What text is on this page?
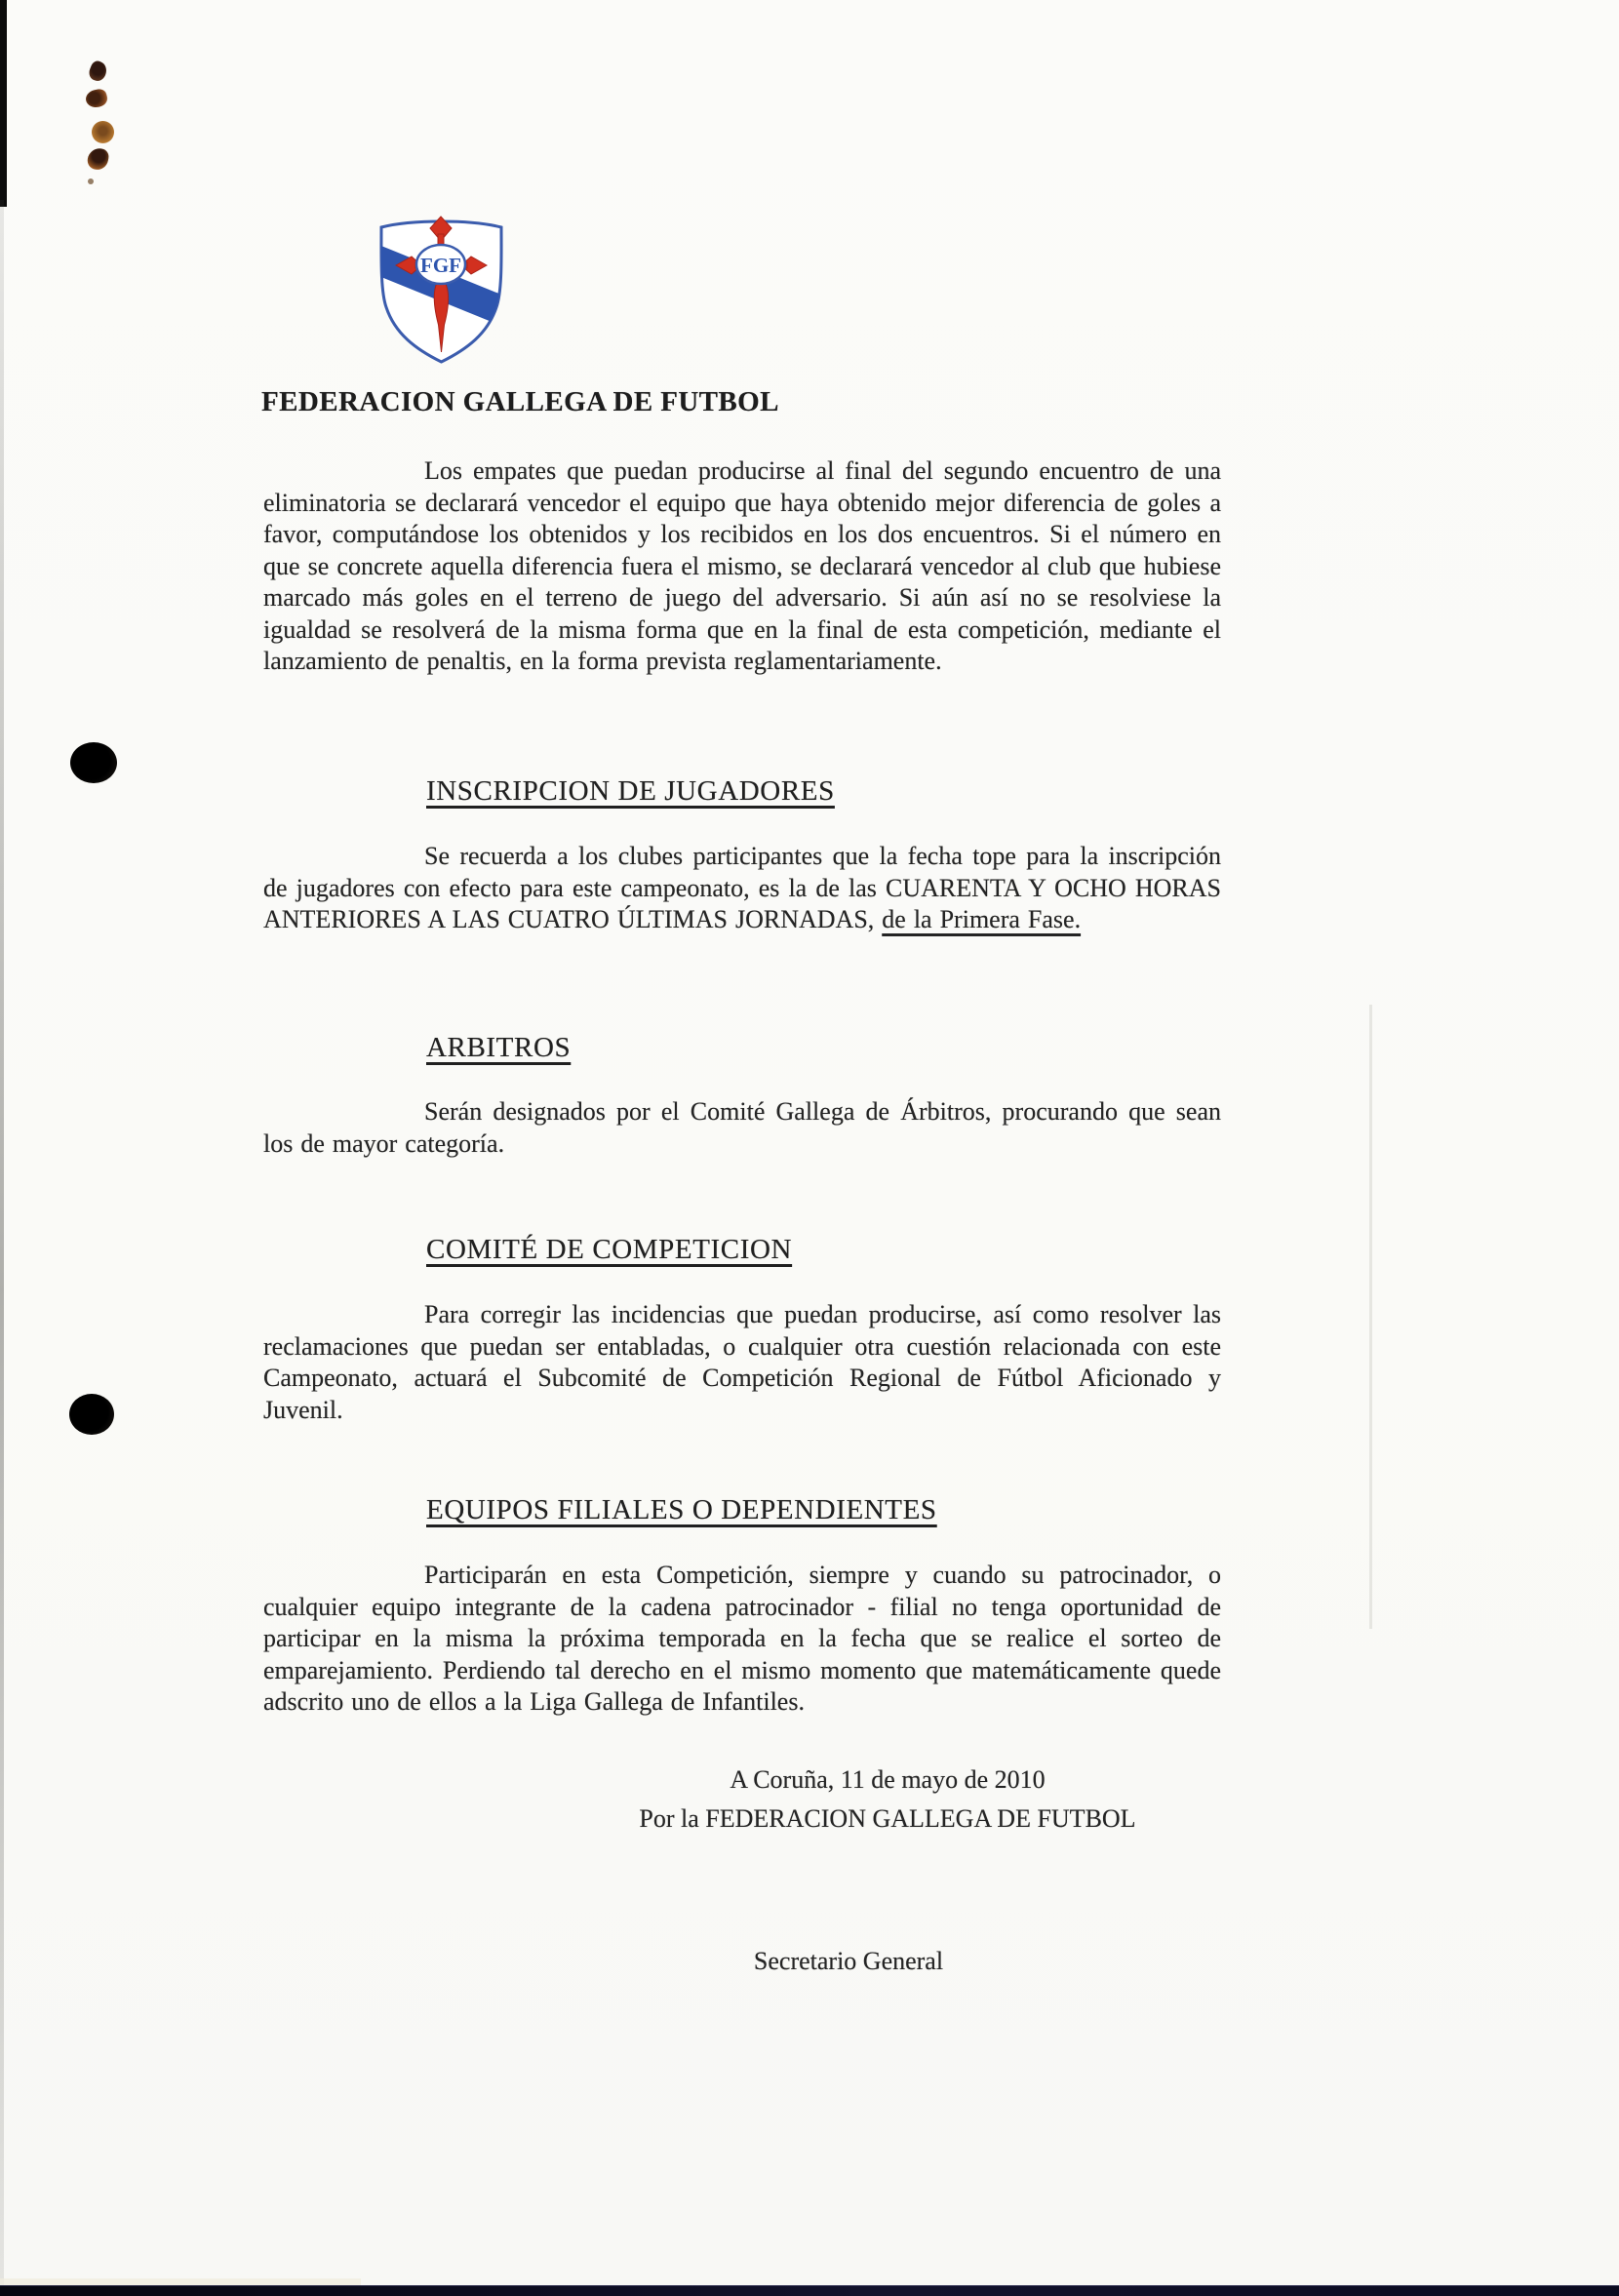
FGF
FEDERACION GALLEGA DE FUTBOL

Los empates que puedan producirse al final del segundo encuentro de una eliminatoria se declarará vencedor el equipo que haya obtenido mejor diferencia de goles a favor, computándose los obtenidos y los recibidos en los dos encuentros. Si el número en que se concrete aquella diferencia fuera el mismo, se declarará vencedor al club que hubiese marcado más goles en el terreno de juego del adversario. Si aún así no se resolviese la igualdad se resolverá de la misma forma que en la final de esta competición, mediante el lanzamiento de penaltis, en la forma prevista reglamentariamente.

INSCRIPCION DE JUGADORES

Se recuerda a los clubes participantes que la fecha tope para la inscripción de jugadores con efecto para este campeonato, es la de las CUARENTA Y OCHO HORAS ANTERIORES A LAS CUATRO ÚLTIMAS JORNADAS, de la Primera Fase.

ARBITROS

Serán designados por el Comité Gallega de Árbitros, procurando que sean los de mayor categoría.

COMITÉ DE COMPETICION

Para corregir las incidencias que puedan producirse, así como resolver las reclamaciones que puedan ser entabladas, o cualquier otra cuestión relacionada con este Campeonato, actuará el Subcomité de Competición Regional de Fútbol Aficionado y Juvenil.

EQUIPOS FILIALES O DEPENDIENTES

Participarán en esta Competición, siempre y cuando su patrocinador, o cualquier equipo integrante de la cadena patrocinador - filial no tenga oportunidad de participar en la misma la próxima temporada en la fecha que se realice el sorteo de emparejamiento. Perdiendo tal derecho en el mismo momento que matemáticamente quede adscrito uno de ellos a la Liga Gallega de Infantiles.

A Coruña, 11 de mayo de 2010
Por la FEDERACION GALLEGA DE FUTBOL
Secretario General
